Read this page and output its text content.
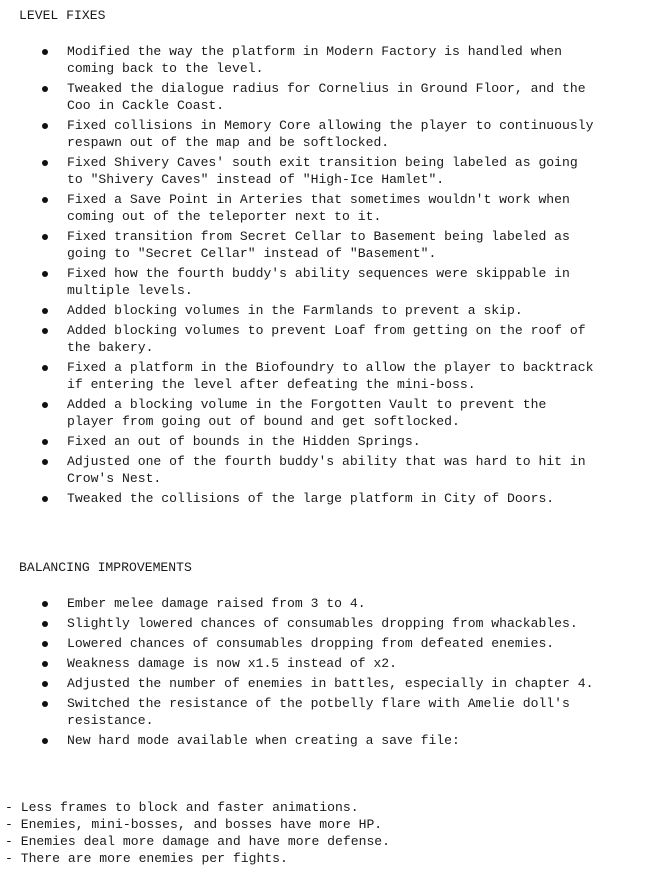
LEVEL FIXES
Modified the way the platform in Modern Factory is handled when coming back to the level.
Tweaked the dialogue radius for Cornelius in Ground Floor, and the Coo in Cackle Coast.
Fixed collisions in Memory Core allowing the player to continuously respawn out of the map and be softlocked.
Fixed Shivery Caves' south exit transition being labeled as going to "Shivery Caves" instead of "High-Ice Hamlet".
Fixed a Save Point in Arteries that sometimes wouldn't work when coming out of the teleporter next to it.
Fixed transition from Secret Cellar to Basement being labeled as going to "Secret Cellar" instead of "Basement".
Fixed how the fourth buddy's ability sequences were skippable in multiple levels.
Added blocking volumes in the Farmlands to prevent a skip.
Added blocking volumes to prevent Loaf from getting on the roof of the bakery.
Fixed a platform in the Biofoundry to allow the player to backtrack if entering the level after defeating the mini-boss.
Added a blocking volume in the Forgotten Vault to prevent the player from going out of bound and get softlocked.
Fixed an out of bounds in the Hidden Springs.
Adjusted one of the fourth buddy's ability that was hard to hit in Crow's Nest.
Tweaked the collisions of the large platform in City of Doors.
BALANCING IMPROVEMENTS
Ember melee damage raised from 3 to 4.
Slightly lowered chances of consumables dropping from whackables.
Lowered chances of consumables dropping from defeated enemies.
Weakness damage is now x1.5 instead of x2.
Adjusted the number of enemies in battles, especially in chapter 4.
Switched the resistance of the potbelly flare with Amelie doll's resistance.
New hard mode available when creating a save file:
- Less frames to block and faster animations.
- Enemies, mini-bosses, and bosses have more HP.
- Enemies deal more damage and have more defense.
- There are more enemies per fights.
